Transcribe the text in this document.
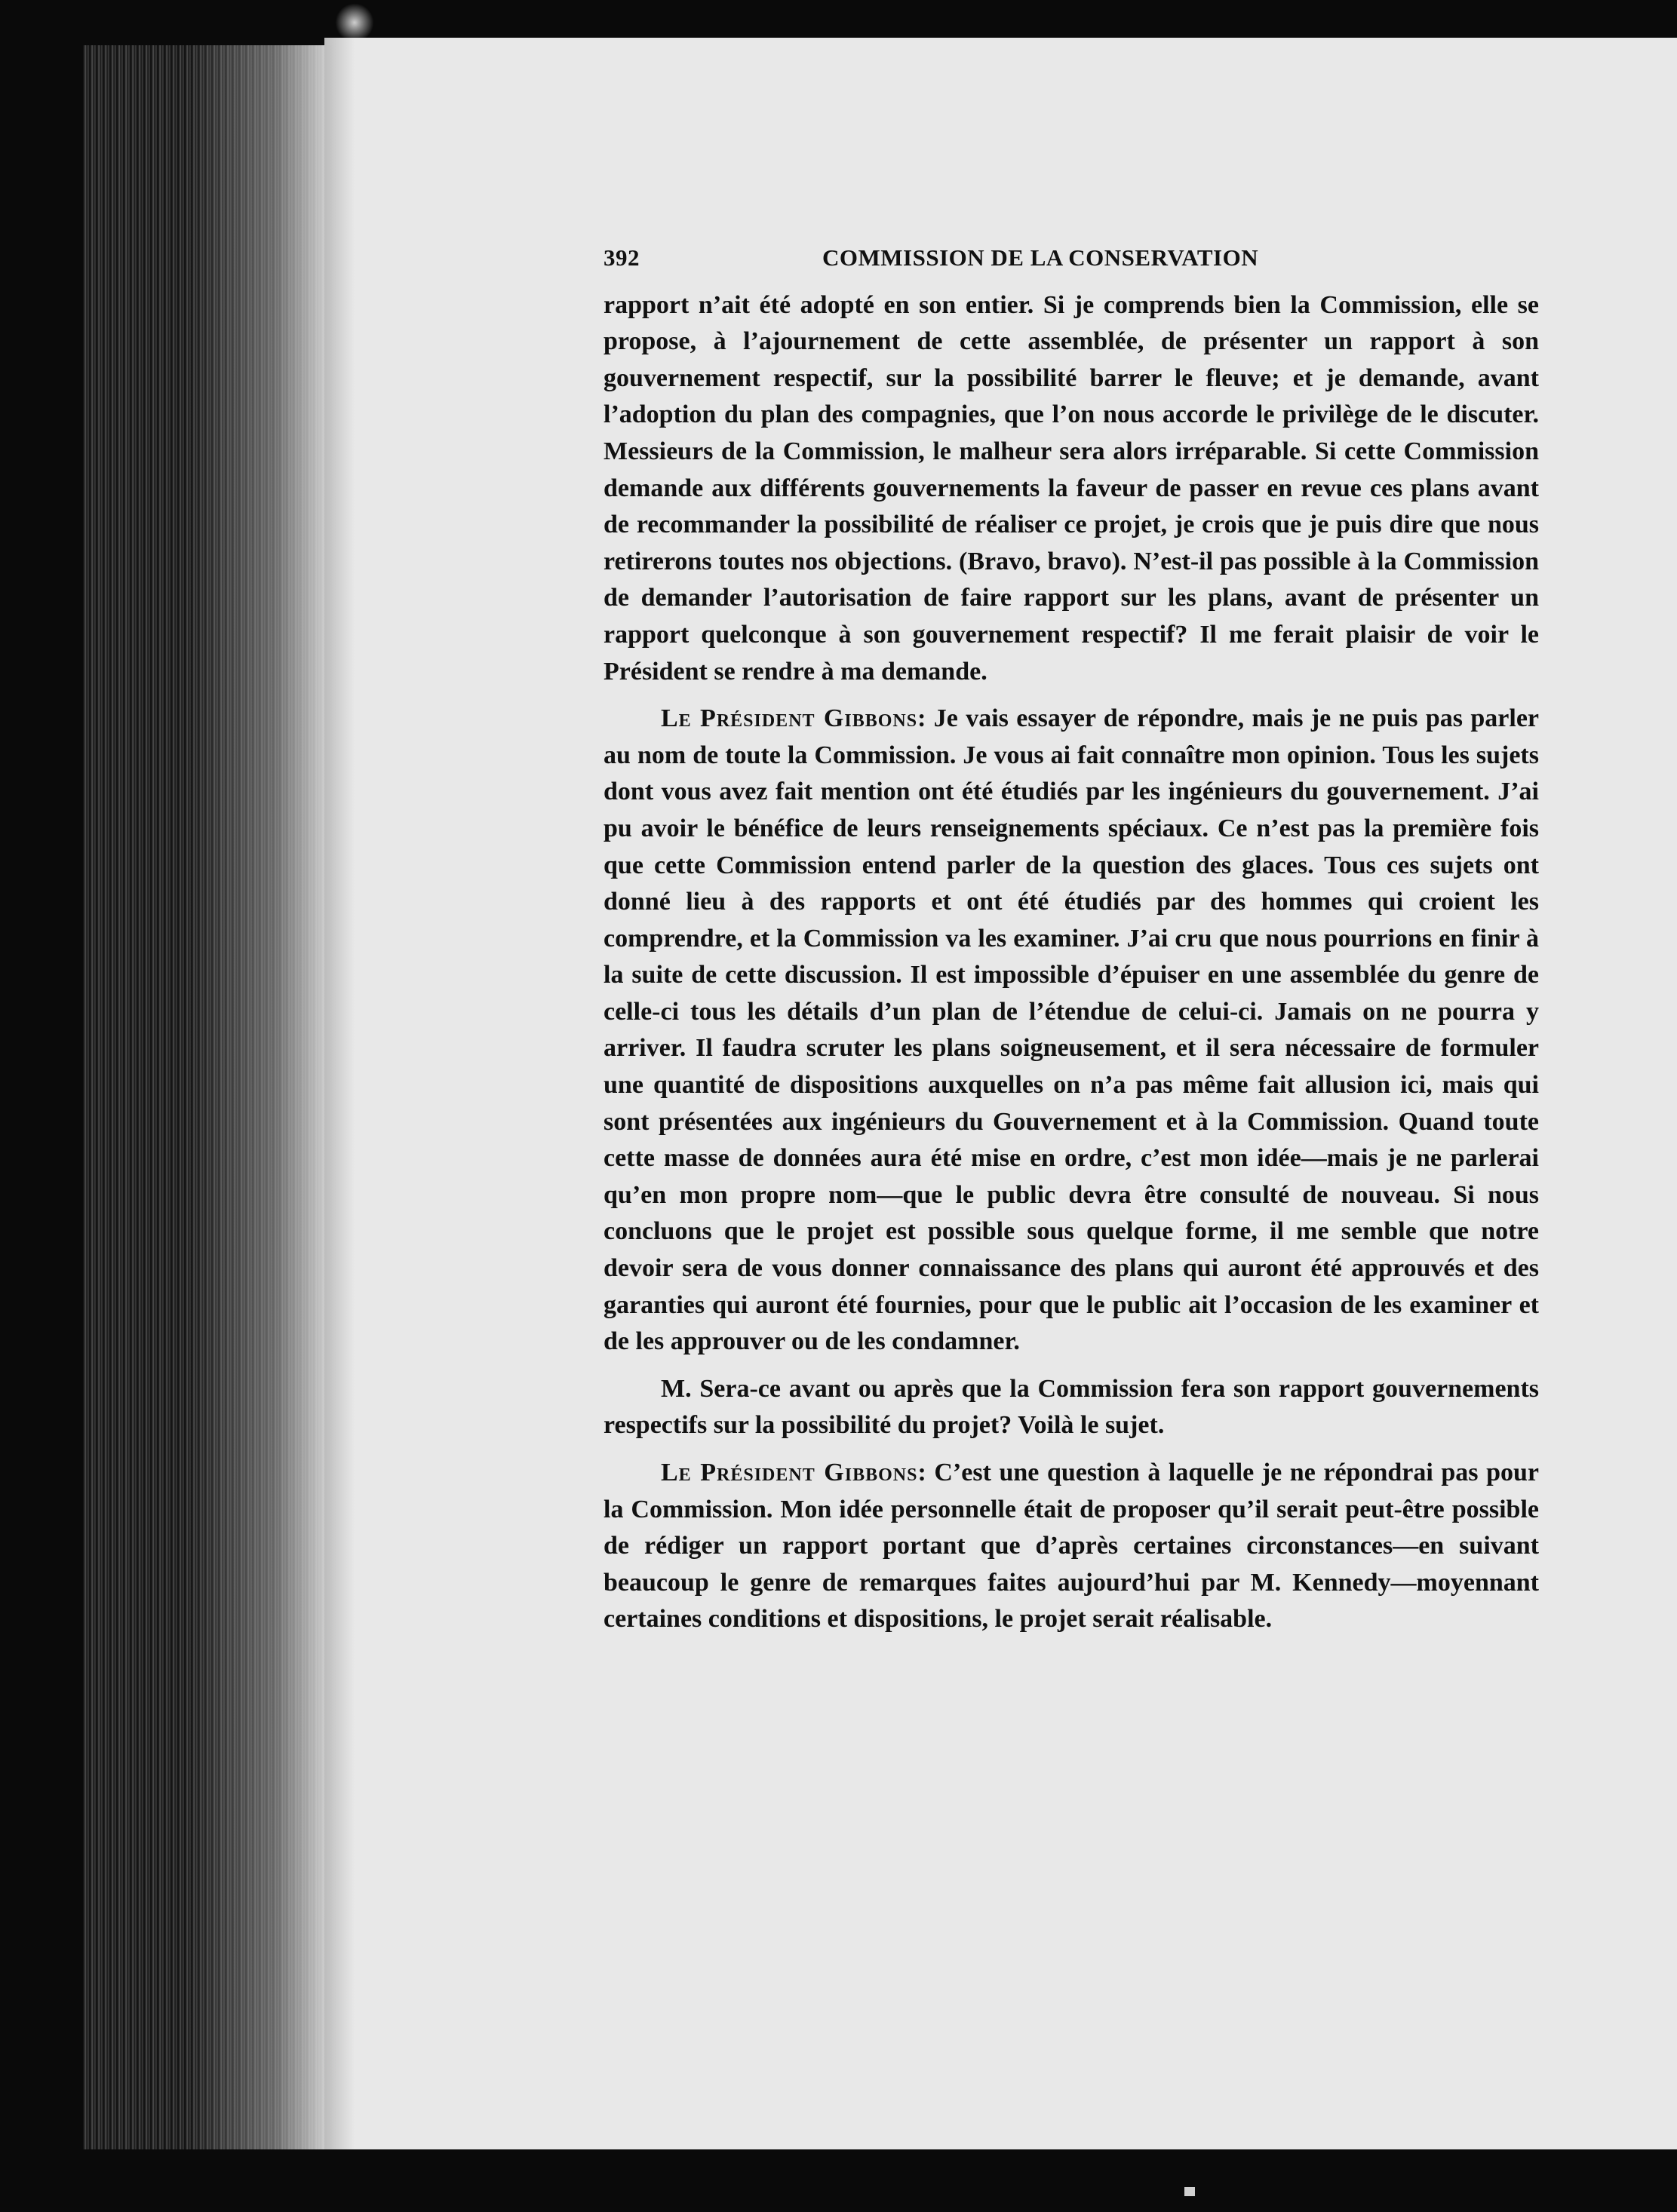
392	COMMISSION DE LA CONSERVATION

rapport n’ait été adopté en son entier. Si je comprends bien la Commission, elle se propose, à l’ajournement de cette assemblée, de présenter un rapport à son gouvernement respectif, sur la possibilité barrer le fleuve; et je demande, avant l’adoption du plan des compagnies, que l’on nous accorde le privilège de le discuter. Messieurs de la Commission, le malheur sera alors irréparable. Si cette Commission demande aux différents gouvernements la faveur de passer en revue ces plans avant de recommander la possibilité de réaliser ce projet, je crois que je puis dire que nous retirerons toutes nos objections. (Bravo, bravo). N’est-il pas possible à la Commission de demander l’autorisation de faire rapport sur les plans, avant de présenter un rapport quelconque à son gouvernement respectif? Il me ferait plaisir de voir le Président se rendre à ma demande.

Le Président Gibbons: Je vais essayer de répondre, mais je ne puis pas parler au nom de toute la Commission. Je vous ai fait connaître mon opinion. Tous les sujets dont vous avez fait mention ont été étudiés par les ingénieurs du gouvernement. J’ai pu avoir le bénéfice de leurs renseignements spéciaux. Ce n’est pas la première fois que cette Commission entend parler de la question des glaces. Tous ces sujets ont donné lieu à des rapports et ont été étudiés par des hommes qui croient les comprendre, et la Commission va les examiner. J’ai cru que nous pourrions en finir à la suite de cette discussion. Il est impossible d’épuiser en une assemblée du genre de celle-ci tous les détails d’un plan de l’étendue de celui-ci. Jamais on ne pourra y arriver. Il faudra scruter les plans soigneusement, et il sera nécessaire de formuler une quantité de dispositions auxquelles on n’a pas même fait allusion ici, mais qui sont présentées aux ingénieurs du Gouvernement et à la Commission. Quand toute cette masse de données aura été mise en ordre, c’est mon idée—mais je ne parlerai qu’en mon propre nom—que le public devra être consulté de nouveau. Si nous concluons que le projet est possible sous quelque forme, il me semble que notre devoir sera de vous donner connaissance des plans qui auront été approuvés et des garanties qui auront été fournies, pour que le public ait l’occasion de les examiner et de les approuver ou de les condamner.

M. Sera-ce avant ou après que la Commission fera son rapport gouvernements respectifs sur la possibilité du projet? Voilà le sujet.

Le Président Gibbons: C’est une question à laquelle je ne répondrai pas pour la Commission. Mon idée personnelle était de proposer qu’il serait peut-être possible de rédiger un rapport portant que d’après certaines circonstances—en suivant beaucoup le genre de remarques faites aujourd’hui par M. Kennedy—moyennant certaines conditions et dispositions, le projet serait réalisable.
